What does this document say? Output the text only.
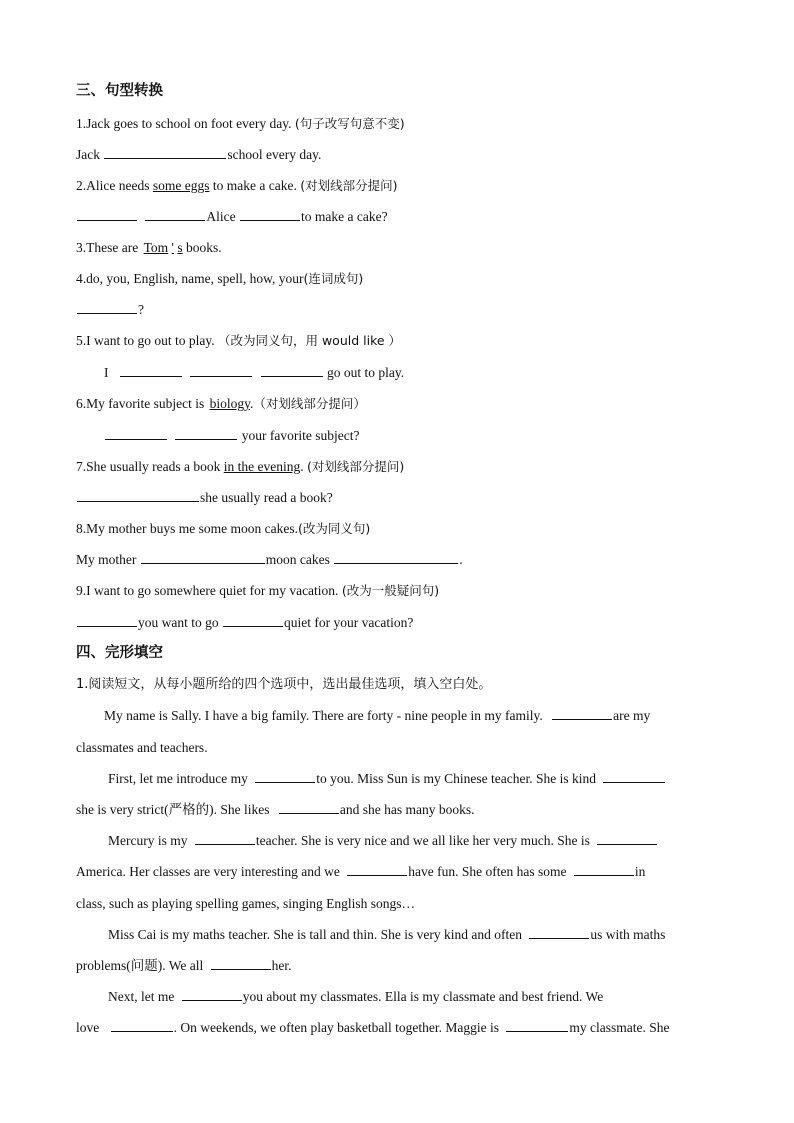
三、句型转换
1.Jack goes to school on foot every day. (句子改写句意不变)
Jack	school every day.
2.Alice needs some eggs to make a cake. (对划线部分提问)
Alice	to make a cake?
3.These are Tom ' s books.
4.do, you, English, name, spell, how, your(连词成句)
?
5.I want to go out to play. （改为同义句，用 would like ）
I	go out to play.
6.My favorite subject is biology.（对划线部分提问）
your favorite subject?
7.She usually reads a book in the evening. (对划线部分提问)
she usually read a book?
8.My mother buys me some moon cakes.(改为同义句)
My mother	moon cakes	.
9.I want to go somewhere quiet for my vacation. (改为一般疑问句)
you want to go	quiet for your vacation?
四、完形填空
1.阅读短文，从每小题所给的四个选项中，选出最佳选项，填入空白处。
My name is Sally. I have a big family. There are forty - nine people in my family.	are my
classmates and teachers.
First, let me introduce my	to you. Miss Sun is my Chinese teacher. She is kind
she is very strict(严格的). She likes	and she has many books.
Mercury is my	teacher. She is very nice and we all like her very much. She is
America. Her classes are very interesting and we	have fun. She often has some	in
class, such as playing spelling games, singing English songs…
Miss Cai is my maths teacher. She is tall and thin. She is very kind and often	us with maths
problems(问题). We all	her.
Next, let me	you about my classmates. Ella is my classmate and best friend. We
love	. On weekends, we often play basketball together. Maggie is	my classmate. She
